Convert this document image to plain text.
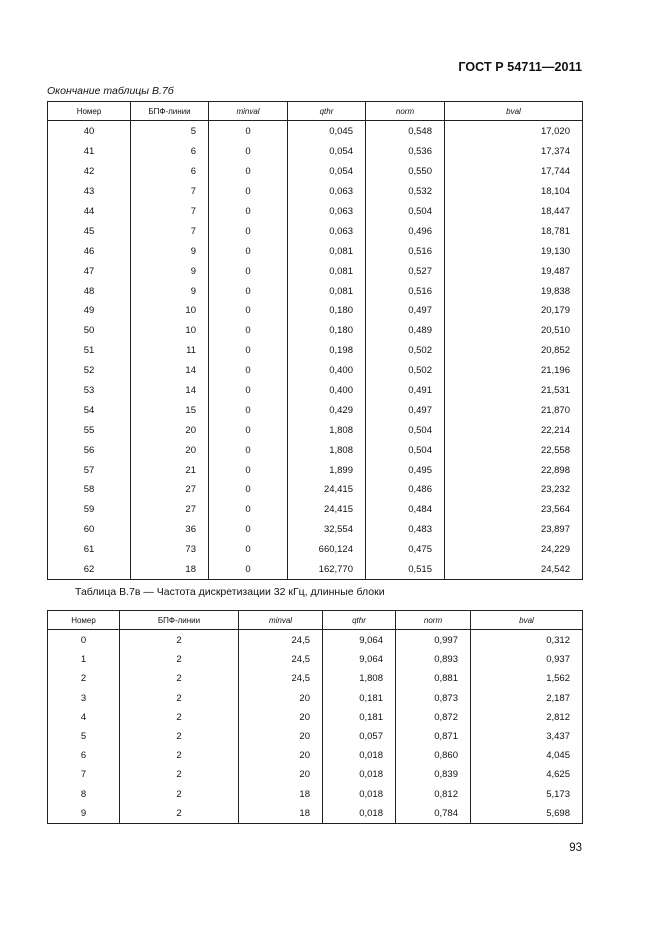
ГОСТ Р 54711—2011
Окончание таблицы В.7б
Номер	БПФ-линии	minval	qthr	norm	bval
40	5	0	0,045	0,548	17,020
41	6	0	0,054	0,536	17,374
42	6	0	0,054	0,550	17,744
43	7	0	0,063	0,532	18,104
44	7	0	0,063	0,504	18,447
45	7	0	0,063	0,496	18,781
46	9	0	0,081	0,516	19,130
47	9	0	0,081	0,527	19,487
48	9	0	0,081	0,516	19,838
49	10	0	0,180	0,497	20,179
50	10	0	0,180	0,489	20,510
51	11	0	0,198	0,502	20,852
52	14	0	0,400	0,502	21,196
53	14	0	0,400	0,491	21,531
54	15	0	0,429	0,497	21,870
55	20	0	1,808	0,504	22,214
56	20	0	1,808	0,504	22,558
57	21	0	1,899	0,495	22,898
58	27	0	24,415	0,486	23,232
59	27	0	24,415	0,484	23,564
60	36	0	32,554	0,483	23,897
61	73	0	660,124	0,475	24,229
62	18	0	162,770	0,515	24,542
Таблица В.7в — Частота дискретизации 32 кГц, длинные блоки
Номер	БПФ-линии	minval	qthr	norm	bval
0	2	24,5	9,064	0,997	0,312
1	2	24,5	9,064	0,893	0,937
2	2	24,5	1,808	0,881	1,562
3	2	20	0,181	0,873	2,187
4	2	20	0,181	0,872	2,812
5	2	20	0,057	0,871	3,437
6	2	20	0,018	0,860	4,045
7	2	20	0,018	0,839	4,625
8	2	18	0,018	0,812	5,173
9	2	18	0,018	0,784	5,698
93
